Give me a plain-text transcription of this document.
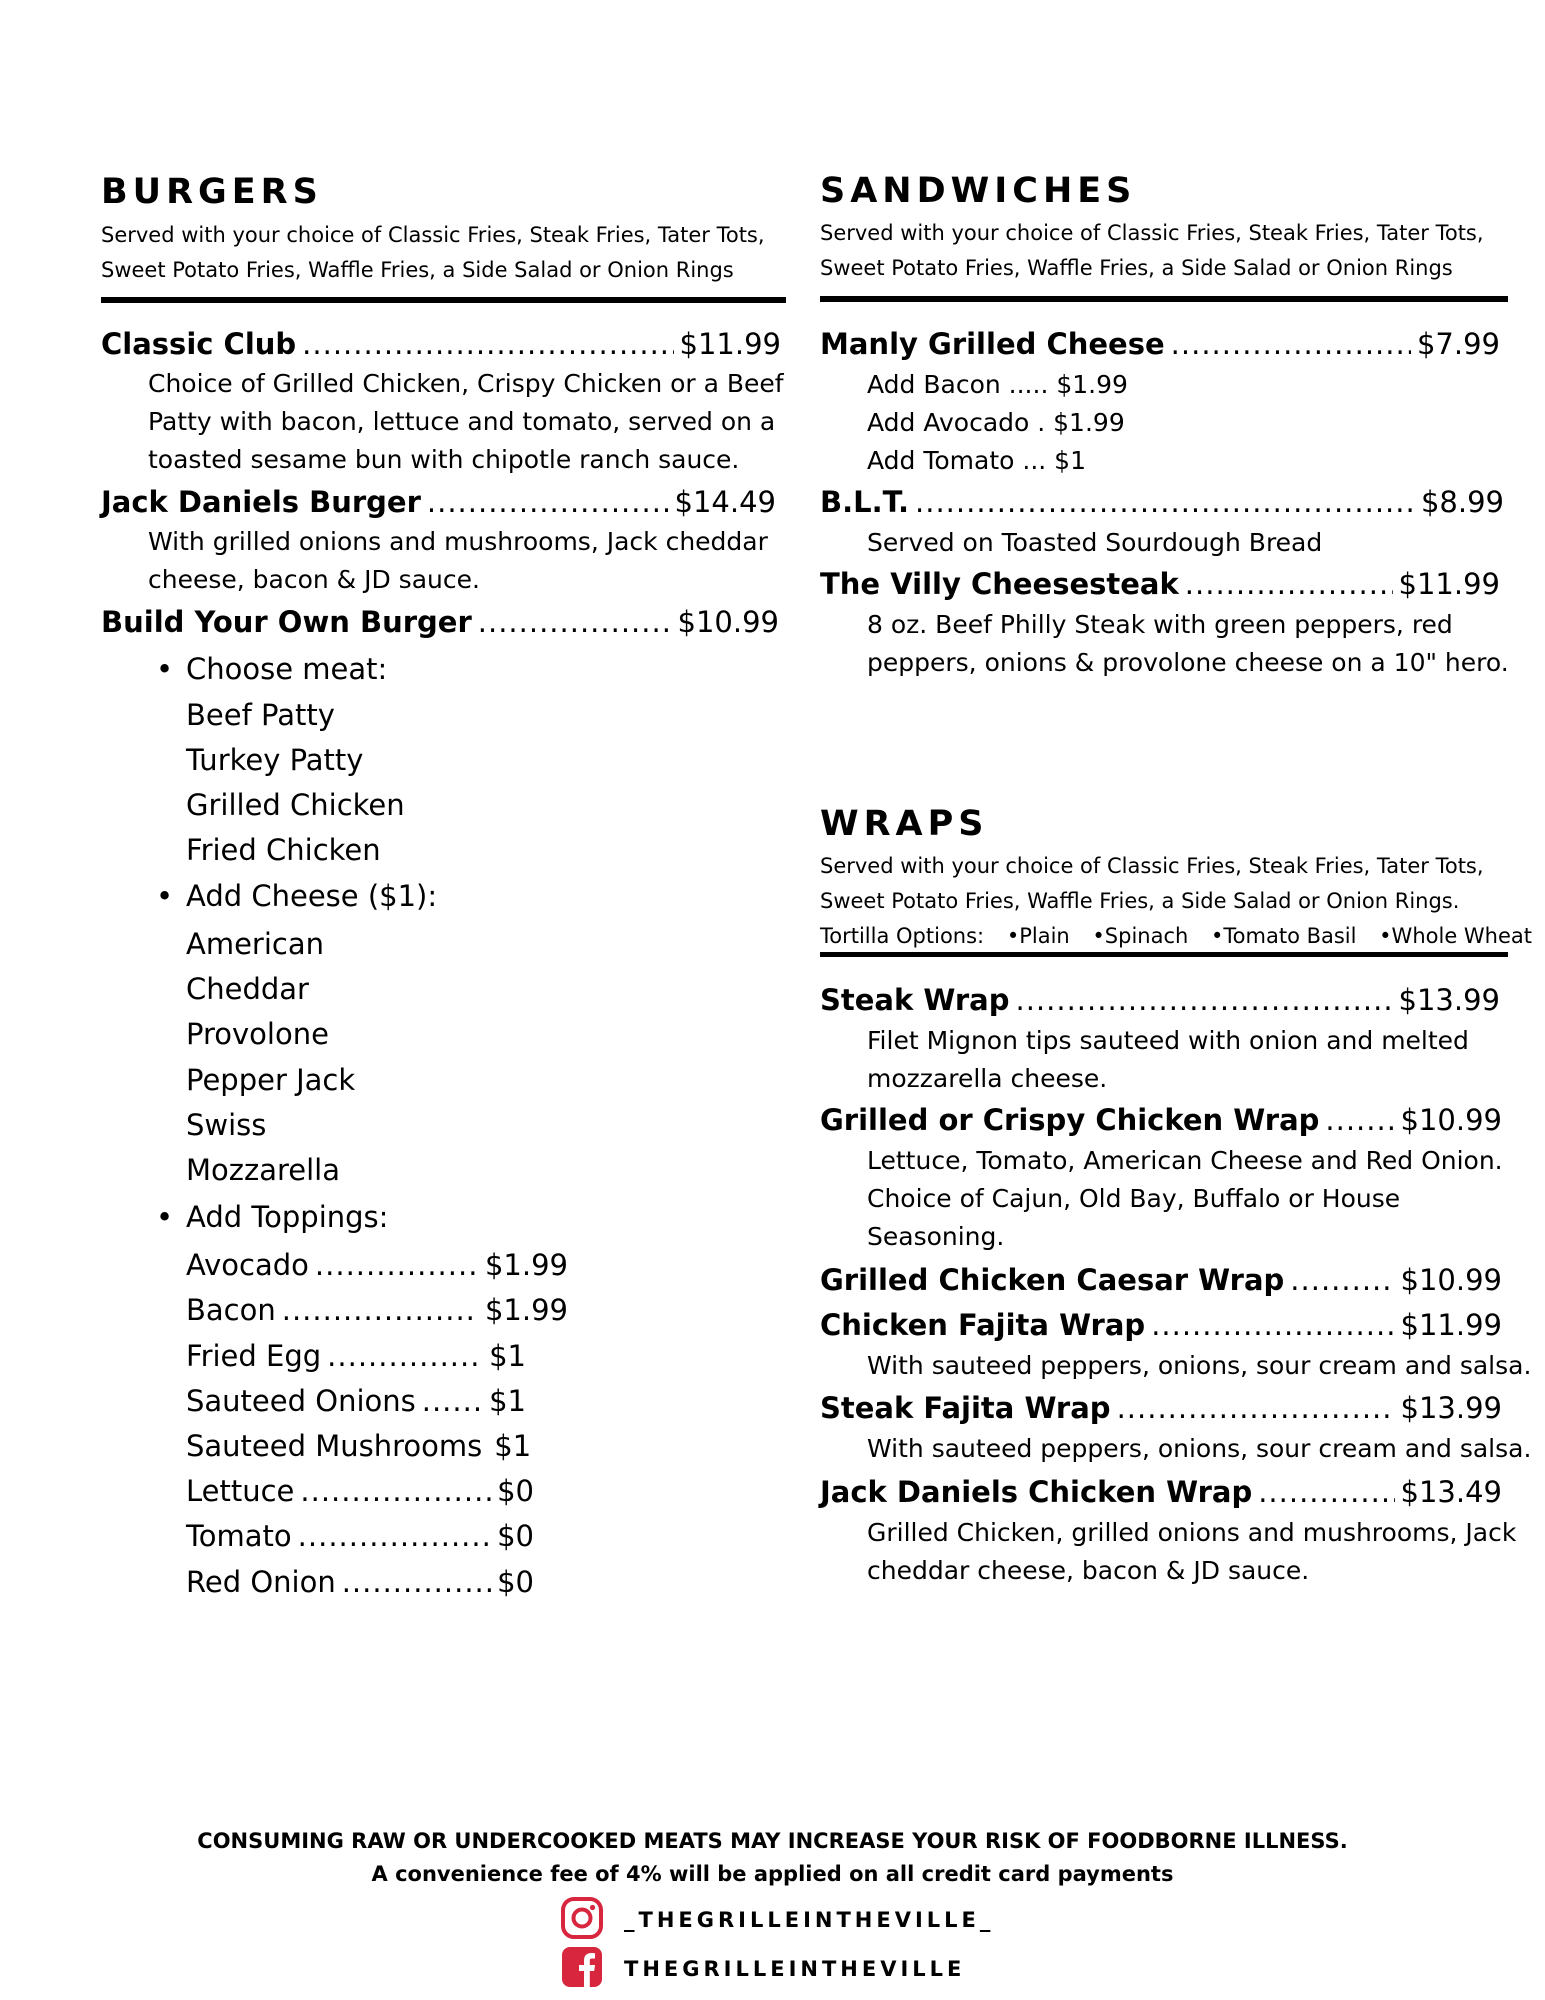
BURGERS
Served with your choice of Classic Fries, Steak Fries, Tater Tots,
Sweet Potato Fries, Waffle Fries, a Side Salad or Onion Rings
Classic Club .....	$11.99
Choice of Grilled Chicken, Crispy Chicken or a Beef
Patty with bacon, lettuce and tomato, served on a
toasted sesame bun with chipotle ranch sauce.
Jack Daniels Burger .....	$14.49
With grilled onions and mushrooms, Jack cheddar
cheese, bacon & JD sauce.
Build Your Own Burger .....	$10.99
• Choose meat:
Beef Patty
Turkey Patty
Grilled Chicken
Fried Chicken
• Add Cheese ($1):
American
Cheddar
Provolone
Pepper Jack
Swiss
Mozzarella
• Add Toppings:
Avocado .....	$1.99
Bacon .....	$1.99
Fried Egg .....	$1
Sauteed Onions .....	$1
Sauteed Mushrooms $1
Lettuce .....	$0
Tomato .....	$0
Red Onion .....	$0
SANDWICHES
Served with your choice of Classic Fries, Steak Fries, Tater Tots,
Sweet Potato Fries, Waffle Fries, a Side Salad or Onion Rings
Manly Grilled Cheese .....	$7.99
Add Bacon ..... $1.99
Add Avocado . $1.99
Add Tomato ... $1
B.L.T. .....	$8.99
Served on Toasted Sourdough Bread
The Villy Cheesesteak .....	$11.99
8 oz. Beef Philly Steak with green peppers, red
peppers, onions & provolone cheese on a 10" hero.
WRAPS
Served with your choice of Classic Fries, Steak Fries, Tater Tots,
Sweet Potato Fries, Waffle Fries, a Side Salad or Onion Rings.
Tortilla Options: •Plain •Spinach •Tomato Basil •Whole Wheat
Steak Wrap .....	$13.99
Filet Mignon tips sauteed with onion and melted
mozzarella cheese.
Grilled or Crispy Chicken Wrap .....	$10.99
Lettuce, Tomato, American Cheese and Red Onion.
Choice of Cajun, Old Bay, Buffalo or House
Seasoning.
Grilled Chicken Caesar Wrap .....	$10.99
Chicken Fajita Wrap .....	$11.99
With sauteed peppers, onions, sour cream and salsa.
Steak Fajita Wrap .....	$13.99
With sauteed peppers, onions, sour cream and salsa.
Jack Daniels Chicken Wrap .....	$13.49
Grilled Chicken, grilled onions and mushrooms, Jack
cheddar cheese, bacon & JD sauce.
CONSUMING RAW OR UNDERCOOKED MEATS MAY INCREASE YOUR RISK OF FOODBORNE ILLNESS.
A convenience fee of 4% will be applied on all credit card payments
_THEGRILLEINTHEVILLE_
THEGRILLEINTHEVILLE
